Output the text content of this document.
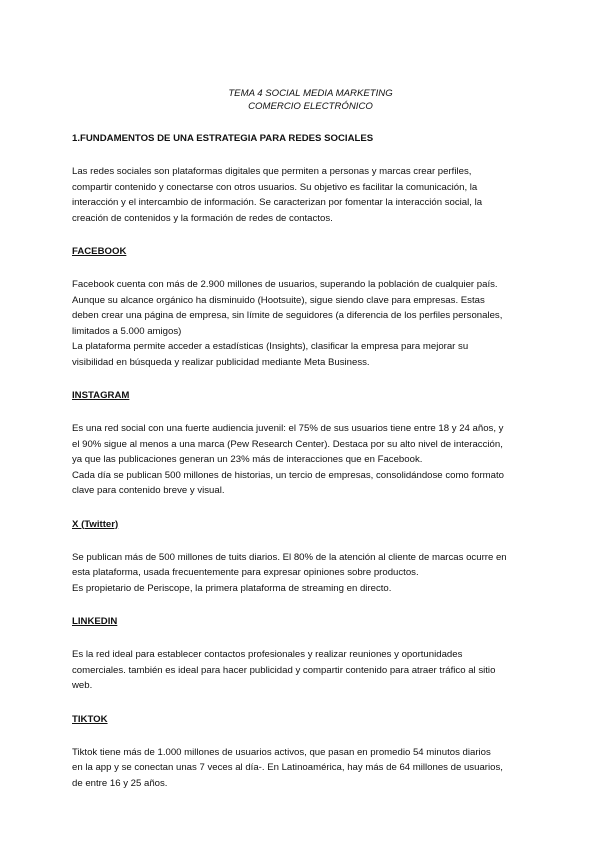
TEMA 4 SOCIAL MEDIA MARKETING
COMERCIO ELECTRÓNICO
1.FUNDAMENTOS DE UNA ESTRATEGIA PARA REDES SOCIALES
Las redes sociales son plataformas digitales que permiten a personas y marcas crear perfiles,
compartir contenido y conectarse con otros usuarios. Su objetivo es facilitar la comunicación, la
interacción y el intercambio de información. Se caracterizan por fomentar la interacción social, la
creación de contenidos y la formación de redes de contactos.
FACEBOOK
Facebook cuenta con más de 2.900 millones de usuarios, superando la población de cualquier país.
Aunque su alcance orgánico ha disminuido (Hootsuite), sigue siendo clave para empresas. Estas
deben crear una página de empresa, sin límite de seguidores (a diferencia de los perfiles personales,
limitados a 5.000 amigos)
La plataforma permite acceder a estadísticas (Insights), clasificar la empresa para mejorar su
visibilidad en búsqueda y realizar publicidad mediante Meta Business.
INSTAGRAM
Es una red social con una fuerte audiencia juvenil: el 75% de sus usuarios tiene entre 18 y 24 años, y
el 90% sigue al menos a una marca (Pew Research Center). Destaca por su alto nivel de interacción,
ya que las publicaciones generan un 23% más de interacciones que en Facebook.
Cada día se publican 500 millones de historias, un tercio de empresas, consolidándose como formato
clave para contenido breve y visual.
X (Twitter)
Se publican más de 500 millones de tuits diarios. El 80% de la atención al cliente de marcas ocurre en
esta plataforma, usada frecuentemente para expresar opiniones sobre productos.
Es propietario de Periscope, la primera plataforma de streaming en directo.
LINKEDIN
Es la red ideal para establecer contactos profesionales y realizar reuniones y oportunidades
comerciales. también es ideal para hacer publicidad y compartir contenido para atraer tráfico al sitio
web.
TIKTOK
Tiktok tiene más de 1.000 millones de usuarios activos, que pasan en promedio 54 minutos diarios
en la app y se conectan unas 7 veces al día-. En Latinoamérica, hay más de 64 millones de usuarios,
de entre 16 y 25 años.
